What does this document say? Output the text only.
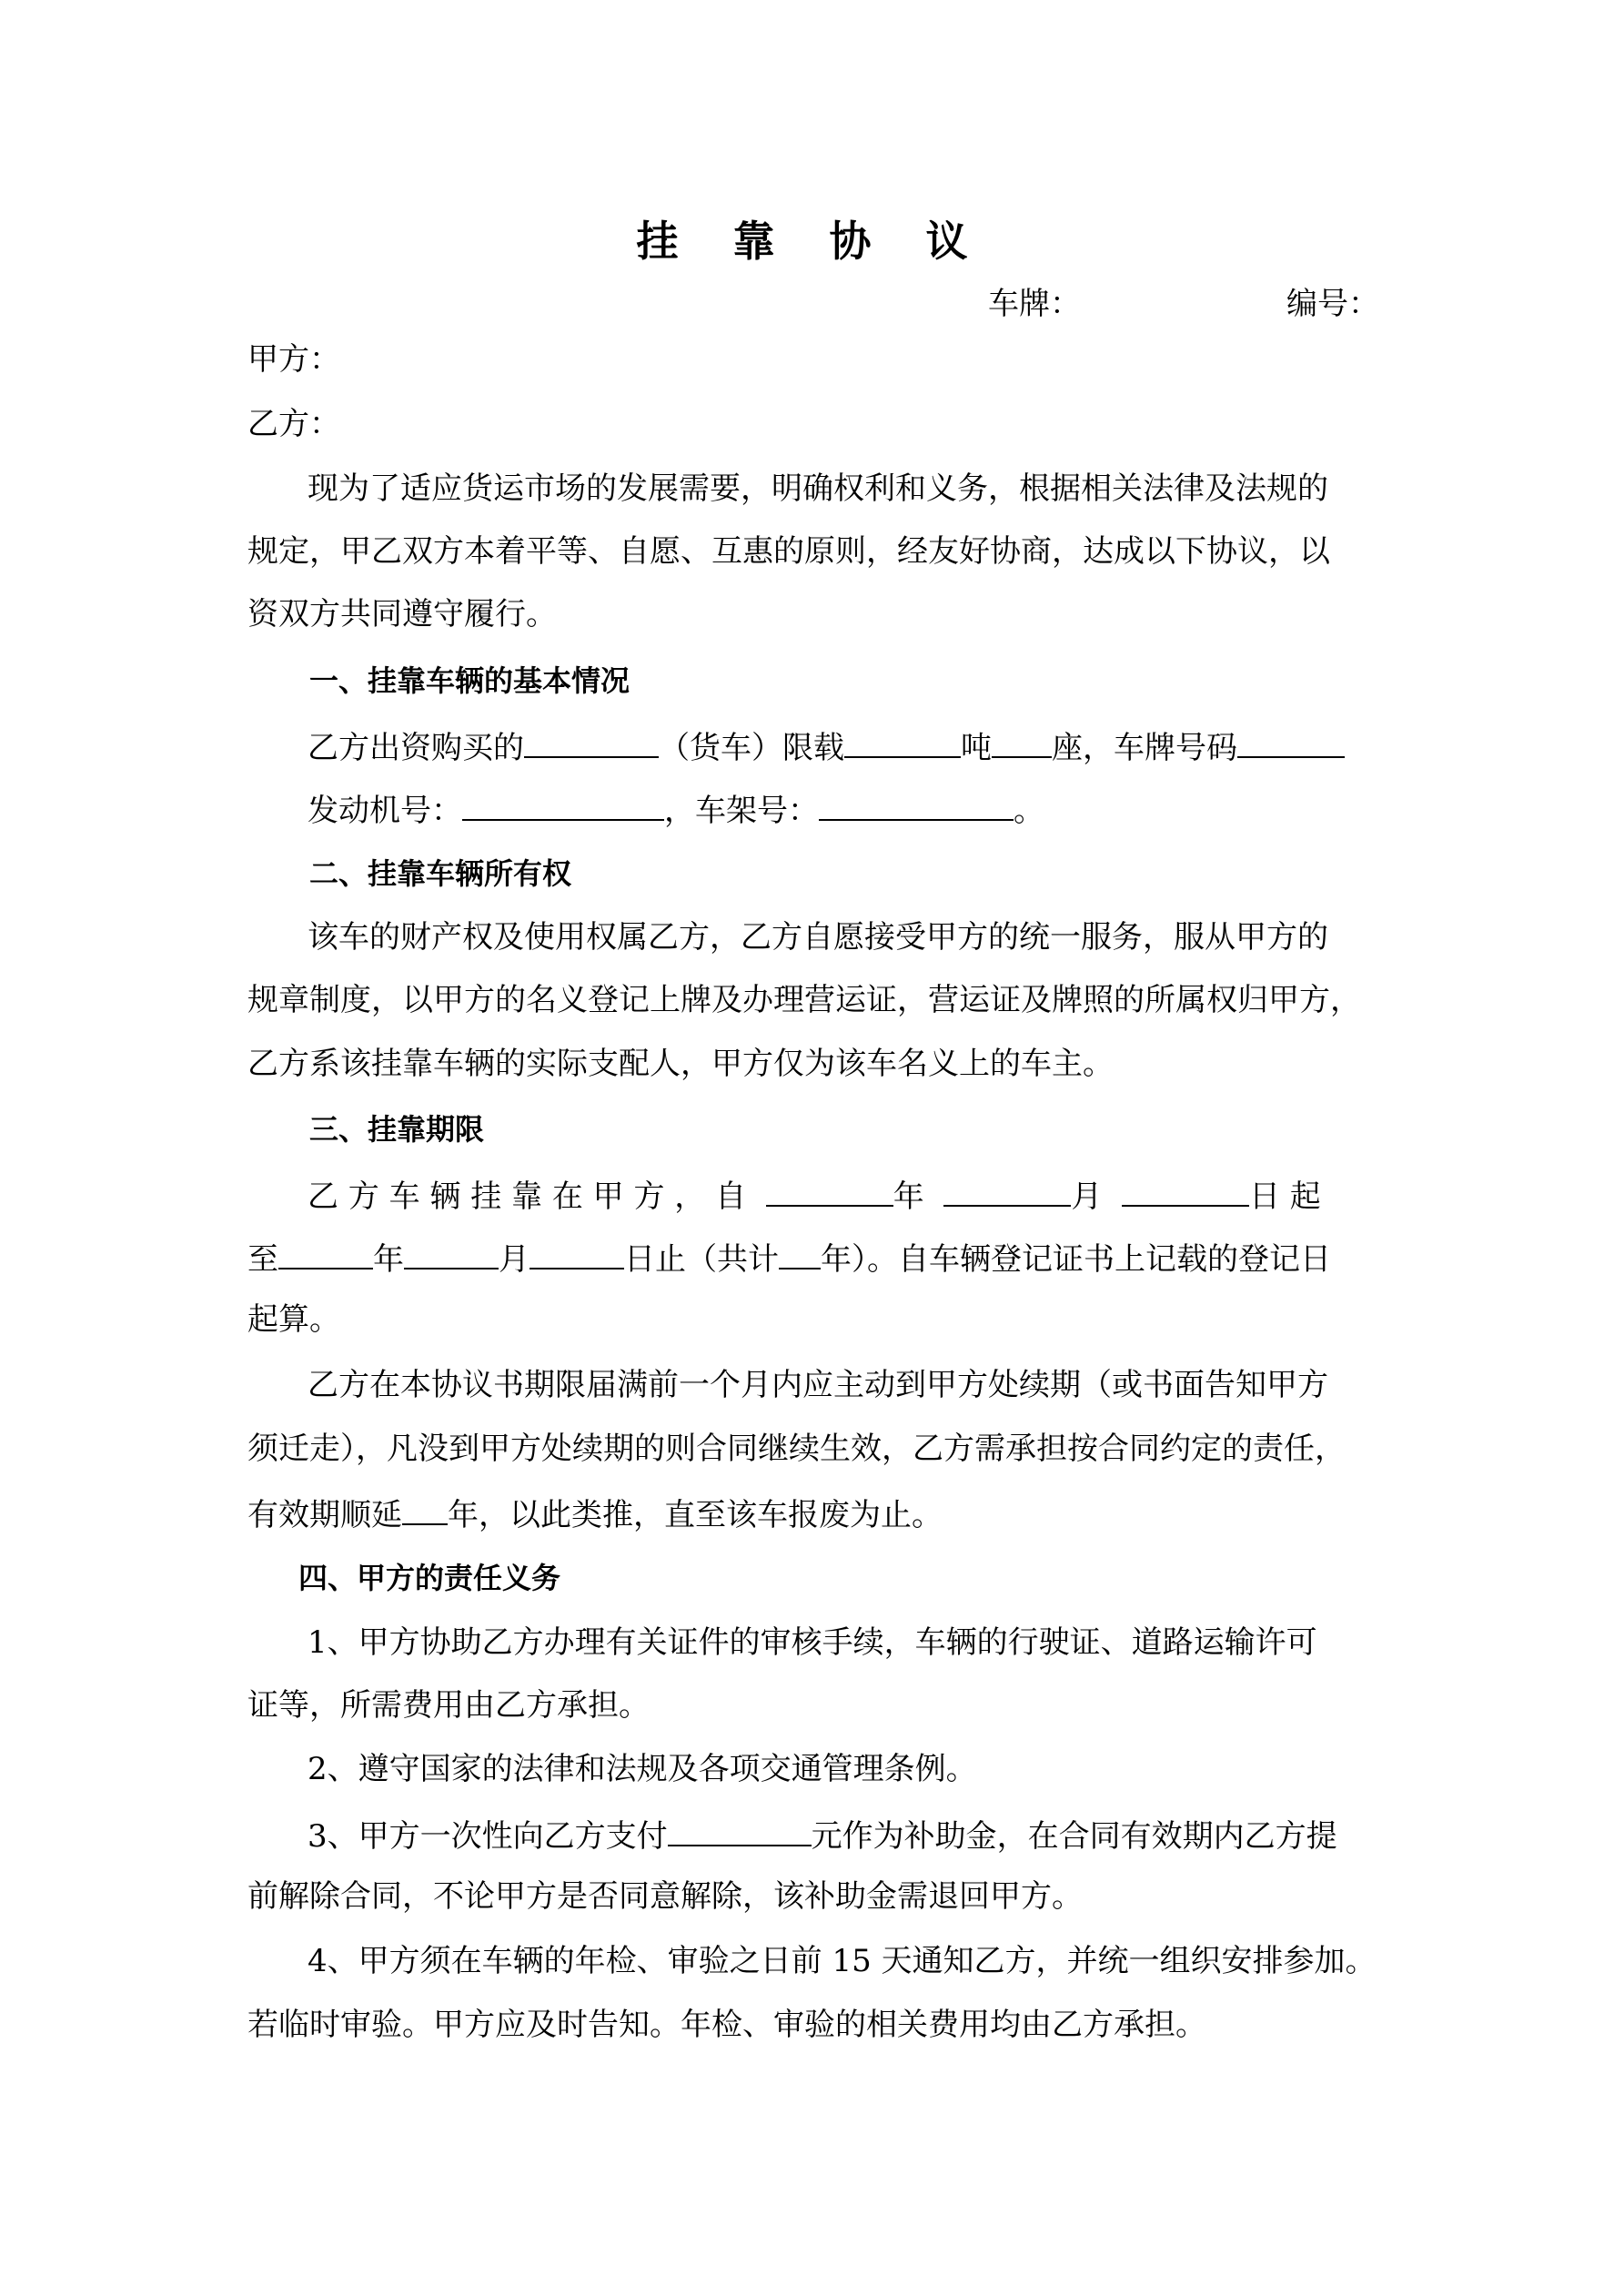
挂 靠 协 议
车牌：	编号：
甲方：
乙方：
现为了适应货运市场的发展需要，明确权利和义务，根据相关法律及法规的
规定，甲乙双方本着平等、自愿、互惠的原则，经友好协商，达成以下协议，以
资双方共同遵守履行。
一、挂靠车辆的基本情况
乙方出资购买的	（货车）限载	吨 座，车牌号码
发动机号：	，车架号：	。
二、挂靠车辆所有权
该车的财产权及使用权属乙方，乙方自愿接受甲方的统一服务，服从甲方的
规章制度，以甲方的名义登记上牌及办理营运证，营运证及牌照的所属权归甲方，
乙方系该挂靠车辆的实际支配人，甲方仅为该车名义上的车主。
三、挂靠期限
乙 方 车 辆 挂 靠 在 甲 方 ， 自	年	月	日 起
至	年	月	日止（共计 年）。自车辆登记证书上记载的登记日
起算。
乙方在本协议书期限届满前一个月内应主动到甲方处续期（或书面告知甲方
须迁走），凡没到甲方处续期的则合同继续生效，乙方需承担按合同约定的责任，
有效期顺延 年，以此类推，直至该车报废为止。
四、甲方的责任义务
1、甲方协助乙方办理有关证件的审核手续，车辆的行驶证、道路运输许可
证等，所需费用由乙方承担。
2、遵守国家的法律和法规及各项交通管理条例。
3、甲方一次性向乙方支付	元作为补助金，在合同有效期内乙方提
前解除合同，不论甲方是否同意解除，该补助金需退回甲方。
4、甲方须在车辆的年检、审验之日前 15 天通知乙方，并统一组织安排参加。
若临时审验。甲方应及时告知。年检、审验的相关费用均由乙方承担。
